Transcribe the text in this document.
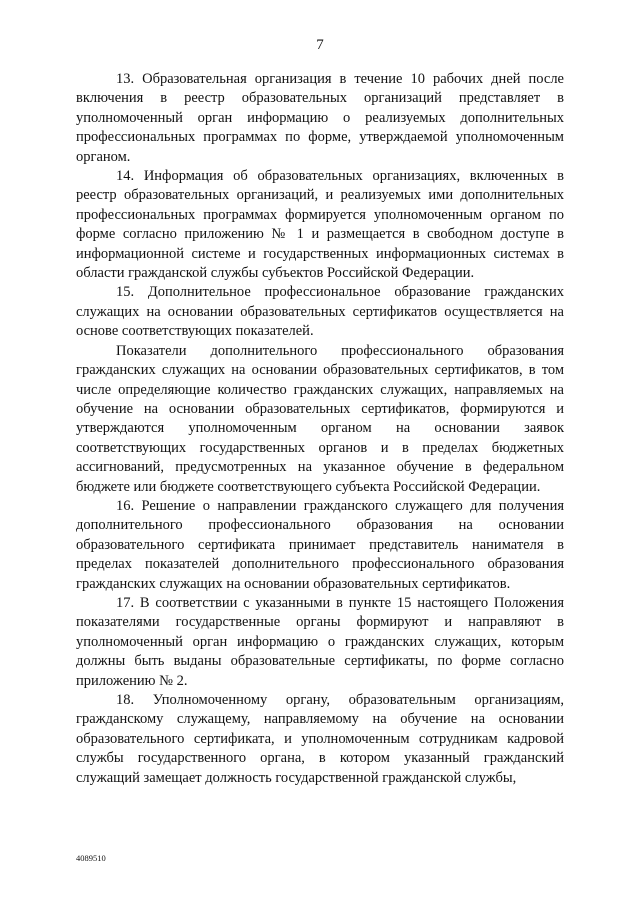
7

13. Образовательная организация в течение 10 рабочих дней после включения в реестр образовательных организаций представляет в уполномоченный орган информацию о реализуемых дополнительных профессиональных программах по форме, утверждаемой уполномоченным органом.

14. Информация об образовательных организациях, включенных в реестр образовательных организаций, и реализуемых ими дополнительных профессиональных программах формируется уполномоченным органом по форме согласно приложению № 1 и размещается в свободном доступе в информационной системе и государственных информационных системах в области гражданской службы субъектов Российской Федерации.

15. Дополнительное профессиональное образование гражданских служащих на основании образовательных сертификатов осуществляется на основе соответствующих показателей.

Показатели дополнительного профессионального образования гражданских служащих на основании образовательных сертификатов, в том числе определяющие количество гражданских служащих, направляемых на обучение на основании образовательных сертификатов, формируются и утверждаются уполномоченным органом на основании заявок соответствующих государственных органов и в пределах бюджетных ассигнований, предусмотренных на указанное обучение в федеральном бюджете или бюджете соответствующего субъекта Российской Федерации.

16. Решение о направлении гражданского служащего для получения дополнительного профессионального образования на основании образовательного сертификата принимает представитель нанимателя в пределах показателей дополнительного профессионального образования гражданских служащих на основании образовательных сертификатов.

17. В соответствии с указанными в пункте 15 настоящего Положения показателями государственные органы формируют и направляют в уполномоченный орган информацию о гражданских служащих, которым должны быть выданы образовательные сертификаты, по форме согласно приложению № 2.

18. Уполномоченному органу, образовательным организациям, гражданскому служащему, направляемому на обучение на основании образовательного сертификата, и уполномоченным сотрудникам кадровой службы государственного органа, в котором указанный гражданский служащий замещает должность государственной гражданской службы,

4089510
